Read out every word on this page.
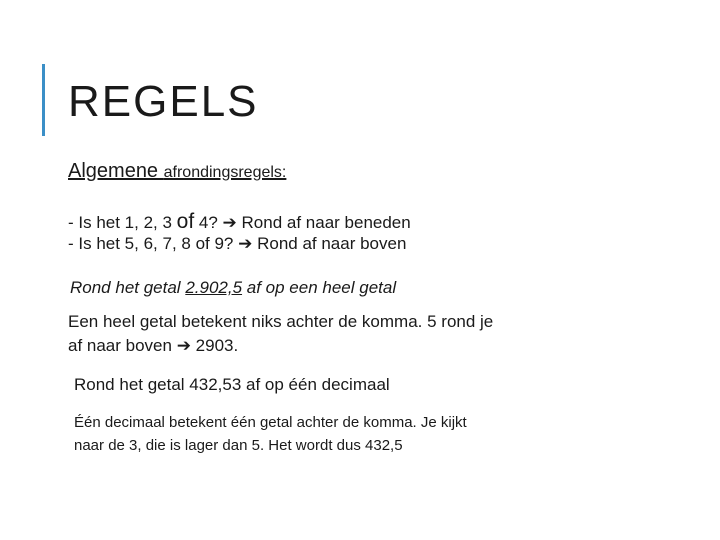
REGELS
Algemene afrondingsregels:
- Is het 1, 2, 3 of 4? ➔ Rond af naar beneden
- Is het 5, 6, 7, 8 of 9? ➔ Rond af naar boven
Rond het getal 2.902,5 af op een heel getal
Een heel getal betekent niks achter de komma. 5 rond je
af naar boven ➔ 2903.
Rond het getal 432,53 af op één decimaal
Één decimaal betekent één getal achter de komma. Je kijkt
naar de 3, die is lager dan 5. Het wordt dus 432,5
